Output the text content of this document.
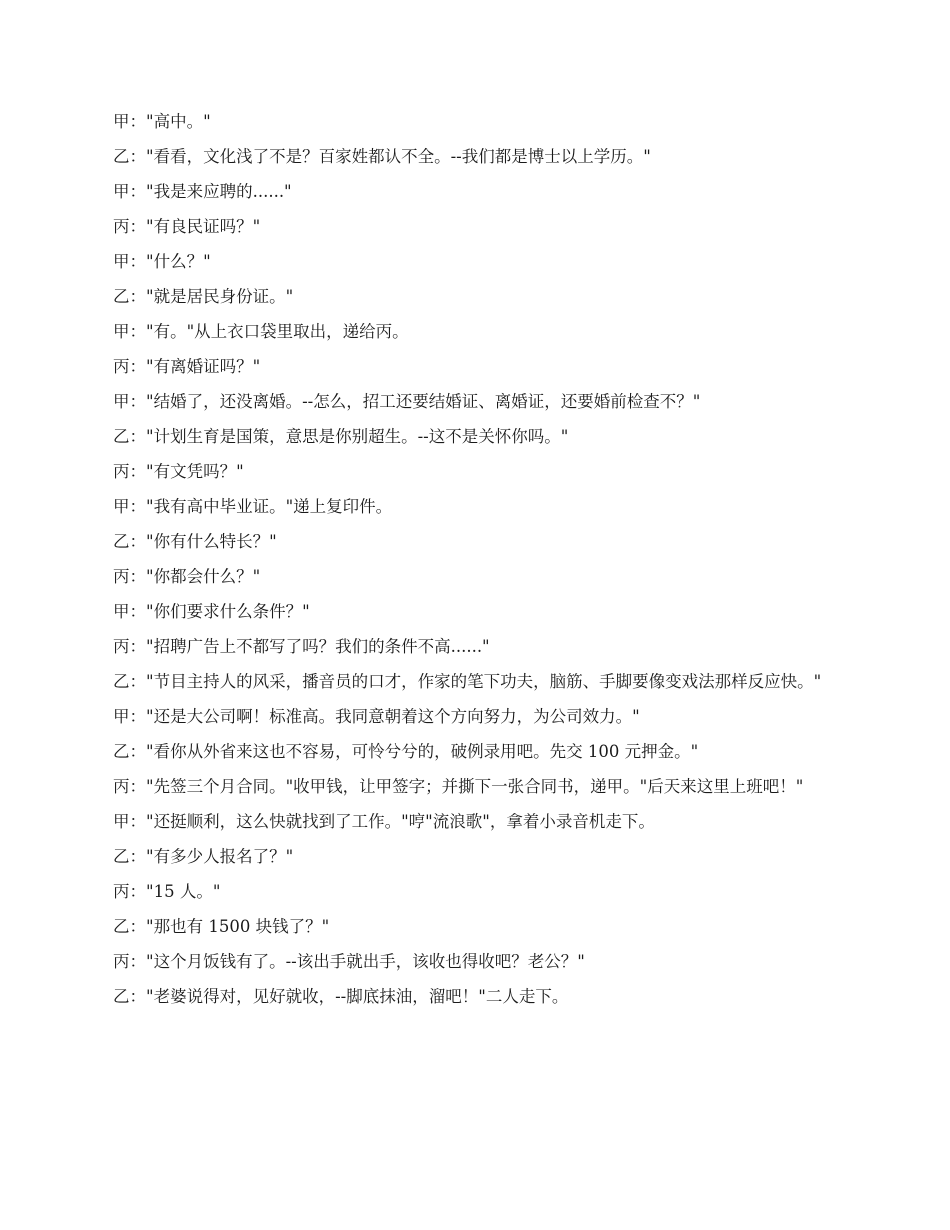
甲："高中。"

乙："看看，文化浅了不是？百家姓都认不全。--我们都是博士以上学历。"

甲："我是来应聘的......"

丙："有良民证吗？"

甲："什么？"

乙："就是居民身份证。"

甲："有。"从上衣口袋里取出，递给丙。

丙："有离婚证吗？"

甲："结婚了，还没离婚。--怎么，招工还要结婚证、离婚证，还要婚前检查不？"

乙："计划生育是国策，意思是你别超生。--这不是关怀你吗。"

丙："有文凭吗？"

甲："我有高中毕业证。"递上复印件。

乙："你有什么特长？"

丙："你都会什么？"

甲："你们要求什么条件？"

丙："招聘广告上不都写了吗？我们的条件不高......"

乙："节目主持人的风采，播音员的口才，作家的笔下功夫，脑筋、手脚要像变戏法那样反应快。"

甲："还是大公司啊！标准高。我同意朝着这个方向努力，为公司效力。"

乙："看你从外省来这也不容易，可怜兮兮的，破例录用吧。先交 100 元押金。"

丙："先签三个月合同。"收甲钱，让甲签字；并撕下一张合同书，递甲。"后天来这里上班吧！"

甲："还挺顺利，这么快就找到了工作。"哼"流浪歌"，拿着小录音机走下。

乙："有多少人报名了？"

丙："15 人。"

乙："那也有 1500 块钱了？"

丙："这个月饭钱有了。--该出手就出手，该收也得收吧？老公？"

乙："老婆说得对，见好就收，--脚底抹油，溜吧！"二人走下。
